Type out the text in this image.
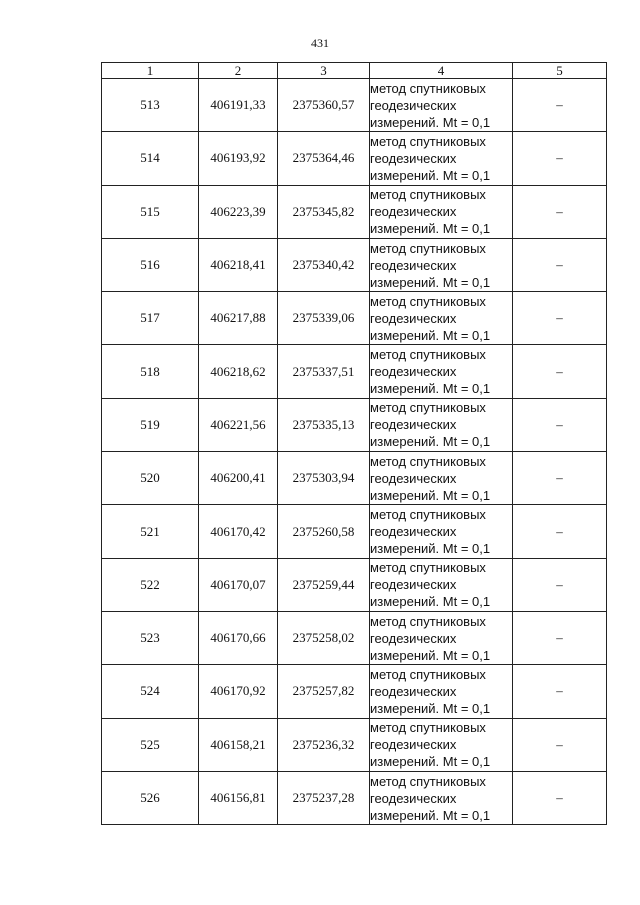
431
1	2	3	4	5
513	406191,33	2375360,57	метод спутниковых
геодезических
измерений. Mt = 0,1	–
514	406193,92	2375364,46	метод спутниковых
геодезических
измерений. Mt = 0,1	–
515	406223,39	2375345,82	метод спутниковых
геодезических
измерений. Mt = 0,1	–
516	406218,41	2375340,42	метод спутниковых
геодезических
измерений. Mt = 0,1	–
517	406217,88	2375339,06	метод спутниковых
геодезических
измерений. Mt = 0,1	–
518	406218,62	2375337,51	метод спутниковых
геодезических
измерений. Mt = 0,1	–
519	406221,56	2375335,13	метод спутниковых
геодезических
измерений. Mt = 0,1	–
520	406200,41	2375303,94	метод спутниковых
геодезических
измерений. Mt = 0,1	–
521	406170,42	2375260,58	метод спутниковых
геодезических
измерений. Mt = 0,1	–
522	406170,07	2375259,44	метод спутниковых
геодезических
измерений. Mt = 0,1	–
523	406170,66	2375258,02	метод спутниковых
геодезических
измерений. Mt = 0,1	–
524	406170,92	2375257,82	метод спутниковых
геодезических
измерений. Mt = 0,1	–
525	406158,21	2375236,32	метод спутниковых
геодезических
измерений. Mt = 0,1	–
526	406156,81	2375237,28	метод спутниковых
геодезических
измерений. Mt = 0,1	–
